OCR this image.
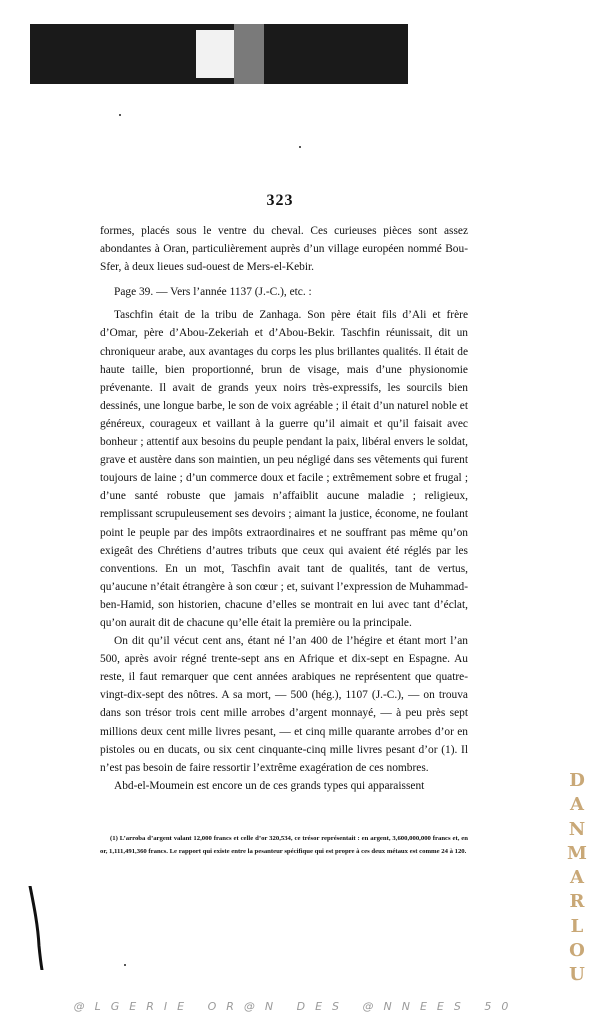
323

formes, placés sous le ventre du cheval. Ces curieuses pièces sont assez abondantes à Oran, particulièrement auprès d’un village européen nommé Bou-Sfer, à deux lieues sud-ouest de Mers-el-Kebir.

Page 39. — Vers l’année 1137 (J.-C.), etc. :

Taschfin était de la tribu de Zanhaga. Son père était fils d’Ali et frère d’Omar, père d’Abou-Zekeriah et d’Abou-Bekir. Taschfin réunissait, dit un chroniqueur arabe, aux avantages du corps les plus brillantes qualités. Il était de haute taille, bien proportionné, brun de visage, mais d’une physionomie prévenante. Il avait de grands yeux noirs très-expressifs, les sourcils bien dessinés, une longue barbe, le son de voix agréable ; il était d’un naturel noble et généreux, courageux et vaillant à la guerre qu’il aimait et qu’il faisait avec bonheur ; attentif aux besoins du peuple pendant la paix, libéral envers le soldat, grave et austère dans son maintien, un peu négligé dans ses vêtements qui furent toujours de laine ; d’un commerce doux et facile ; extrêmement sobre et frugal ; d’une santé robuste que jamais n’affaiblit aucune maladie ; religieux, remplissant scrupuleusement ses devoirs ; aimant la justice, économe, ne foulant point le peuple par des impôts extraordinaires et ne souffrant pas même qu’on exigeât des Chrétiens d’autres tributs que ceux qui avaient été réglés par les conventions. En un mot, Taschfin avait tant de qualités, tant de vertus, qu’aucune n’était étrangère à son cœur ; et, suivant l’expression de Muhammad-ben-Hamid, son historien, chacune d’elles se montrait en lui avec tant d’éclat, qu’on aurait dit de chacune qu’elle était la première ou la principale.

On dit qu’il vécut cent ans, étant né l’an 400 de l’hégire et étant mort l’an 500, après avoir régné trente-sept ans en Afrique et dix-sept en Espagne. Au reste, il faut remarquer que cent années arabiques ne représentent que quatre-vingt-dix-sept des nôtres. A sa mort, — 500 (hég.), 1107 (J.-C.), — on trouva dans son trésor trois cent mille arrobes d’argent monnayé, — à peu près sept millions deux cent mille livres pesant, — et cinq mille quarante arrobes d’or en pistoles ou en ducats, ou six cent cinquante-cinq mille livres pesant d’or (1). Il n’est pas besoin de faire ressortir l’extrême exagération de ces nombres.

Abd-el-Moumein est encore un de ces grands types qui apparaissent

(1) L’arroba d’argent valant 12,000 francs et celle d’or 320,534, ce trésor représentait : en argent, 3,600,000,000 francs et, en or, 1,111,491,360 francs. Le rapport qui existe entre la pesanteur spécifique qui est propre à ces deux métaux est comme 24 à 120.

D
A
N
M
A
R
L
O
U
@LGERIE OR@N DES @NNEES 50
